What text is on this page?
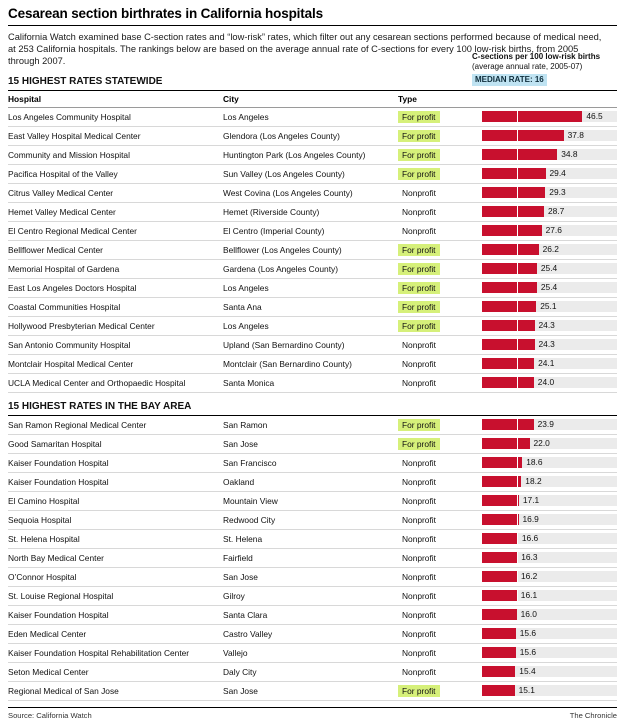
Cesarean section birthrates in California hospitals
California Watch examined base C-section rates and “low-risk” rates, which filter out any cesarean sections performed because of medical need, at 253 California hospitals. The rankings below are based on the average annual rate of C-sections for every 100 low-risk births, from 2005 through 2007.	C-sections per 100 low-risk births
(average annual rate, 2005-07)
MEDIAN RATE: 16
15 HIGHEST RATES STATEWIDE
Hospital	City	Type	
Los Angeles Community Hospital	Los Angeles	For profit	46.5

East Valley Hospital Medical Center	Glendora (Los Angeles County)	For profit	37.8

Community and Mission Hospital	Huntington Park (Los Angeles County)	For profit	34.8

Pacifica Hospital of the Valley	Sun Valley (Los Angeles County)	For profit	29.4

Citrus Valley Medical Center	West Covina (Los Angeles County)	Nonprofit	29.3

Hemet Valley Medical Center	Hemet (Riverside County)	Nonprofit	28.7

El Centro Regional Medical Center	El Centro (Imperial County)	Nonprofit	27.6

Bellflower Medical Center	Bellflower (Los Angeles County)	For profit	26.2

Memorial Hospital of Gardena	Gardena (Los Angeles County)	For profit	25.4

East Los Angeles Doctors Hospital	Los Angeles	For profit	25.4

Coastal Communities Hospital	Santa Ana	For profit	25.1

Hollywood Presbyterian Medical Center	Los Angeles	For profit	24.3

San Antonio Community Hospital	Upland (San Bernardino County)	Nonprofit	24.3

Montclair Hospital Medical Center	Montclair (San Bernardino County)	Nonprofit	24.1

UCLA Medical Center and Orthopaedic Hospital	Santa Monica	Nonprofit	24.0
15 HIGHEST RATES IN THE BAY AREA

San Ramon Regional Medical Center	San Ramon	For profit	23.9

Good Samaritan Hospital	San Jose	For profit	22.0

Kaiser Foundation Hospital	San Francisco	Nonprofit	18.6

Kaiser Foundation Hospital	Oakland	Nonprofit	18.2

El Camino Hospital	Mountain View	Nonprofit	17.1

Sequoia Hospital	Redwood City	Nonprofit	16.9

St. Helena Hospital	St. Helena	Nonprofit	16.6

North Bay Medical Center	Fairfield	Nonprofit	16.3

O’Connor Hospital	San Jose	Nonprofit	16.2

St. Louise Regional Hospital	Gilroy	Nonprofit	16.1

Kaiser Foundation Hospital	Santa Clara	Nonprofit	16.0

Eden Medical Center	Castro Valley	Nonprofit	15.6

Kaiser Foundation Hospital Rehabilitation Center	Vallejo	Nonprofit	15.6

Seton Medical Center	Daly City	Nonprofit	15.4

Regional Medical of San Jose	San Jose	For profit	15.1
Source: California Watch	The Chronicle
